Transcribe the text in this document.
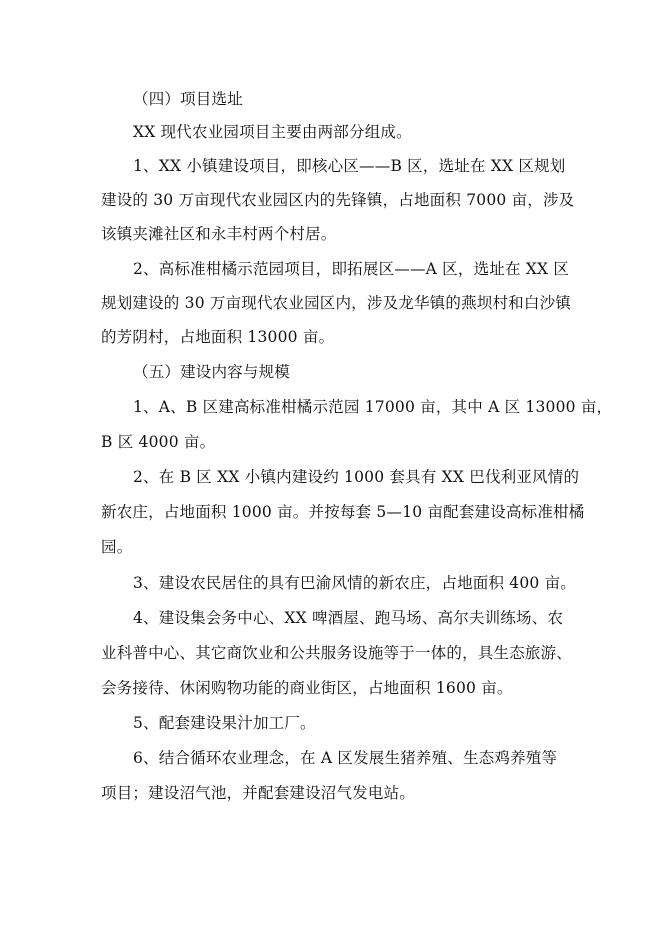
（四）项目选址
XX 现代农业园项目主要由两部分组成。
1、XX 小镇建设项目，即核心区——B 区，选址在 XX 区规划
建设的 30 万亩现代农业园区内的先锋镇，占地面积 7000 亩，涉及
该镇夹滩社区和永丰村两个村居。
2、高标准柑橘示范园项目，即拓展区——A 区，选址在 XX 区
规划建设的 30 万亩现代农业园区内，涉及龙华镇的燕坝村和白沙镇
的芳阴村，占地面积 13000 亩。
（五）建设内容与规模
1、A、B 区建高标准柑橘示范园 17000 亩，其中 A 区 13000 亩，
B 区 4000 亩。
2、在 B 区 XX 小镇内建设约 1000 套具有 XX 巴伐利亚风情的
新农庄，占地面积 1000 亩。并按每套 5—10 亩配套建设高标准柑橘
园。
3、建设农民居住的具有巴渝风情的新农庄，占地面积 400 亩。
4、建设集会务中心、XX 啤酒屋、跑马场、高尔夫训练场、农
业科普中心、其它商饮业和公共服务设施等于一体的，具生态旅游、
会务接待、休闲购物功能的商业街区，占地面积 1600 亩。
5、配套建设果汁加工厂。
6、结合循环农业理念，在 A 区发展生猪养殖、生态鸡养殖等
项目；建设沼气池，并配套建设沼气发电站。
